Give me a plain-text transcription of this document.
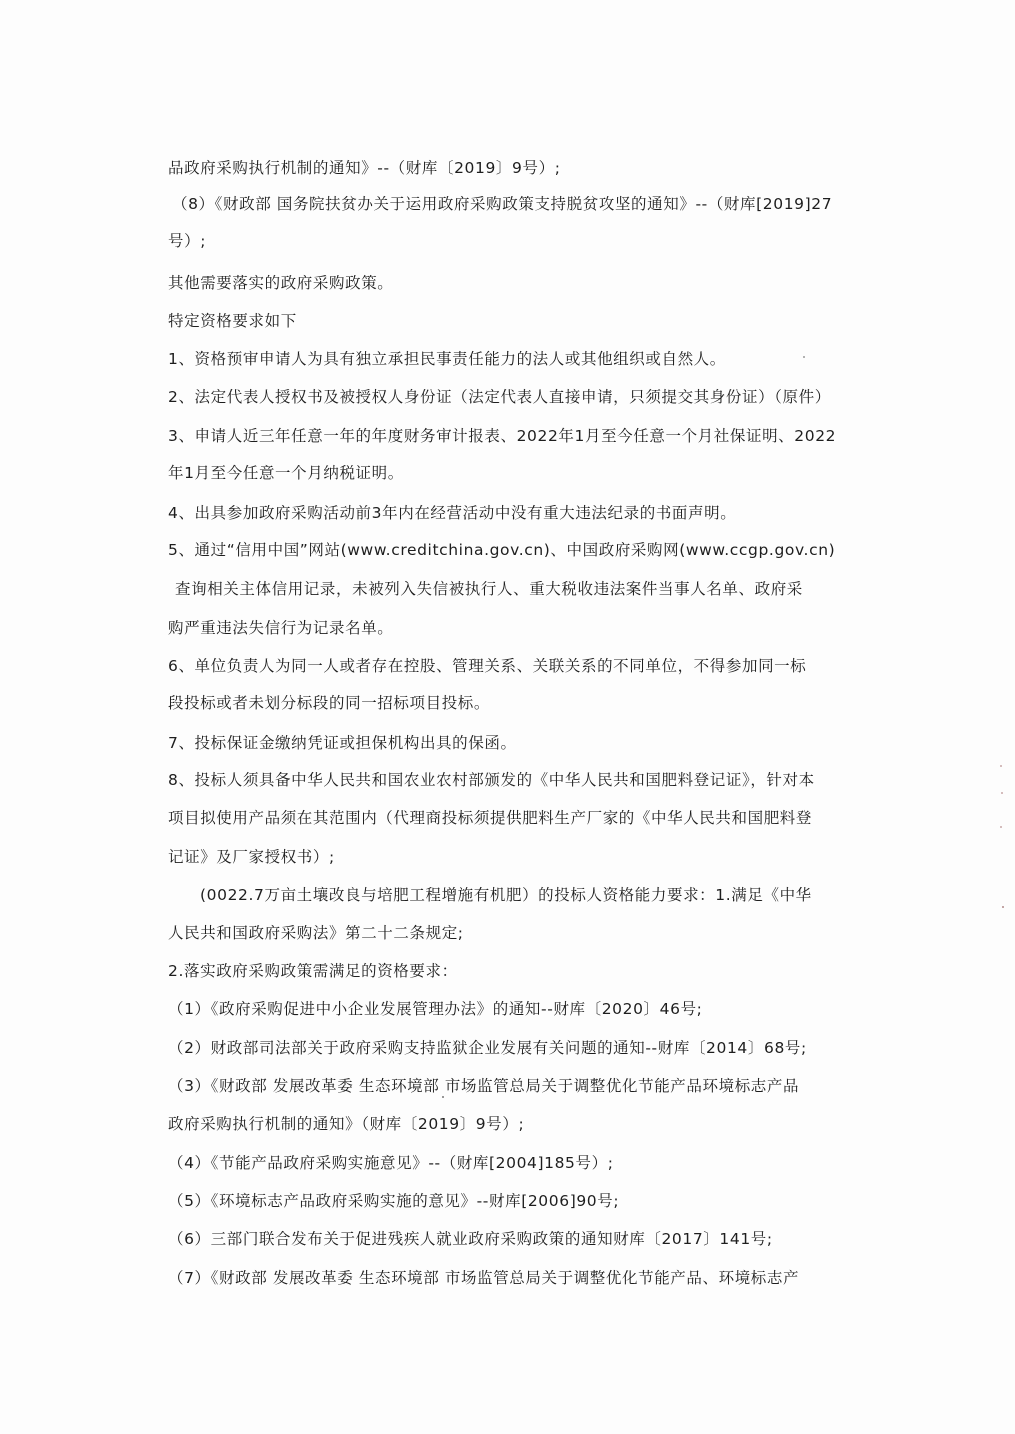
品政府采购执行机制的通知》--（财库〔2019〕9号）;
（8）《财政部 国务院扶贫办关于运用政府采购政策支持脱贫攻坚的通知》--（财库[2019]27
号）;
其他需要落实的政府采购政策。
特定资格要求如下
1、资格预审申请人为具有独立承担民事责任能力的法人或其他组织或自然人。
2、法定代表人授权书及被授权人身份证（法定代表人直接申请，只须提交其身份证）（原件）
3、申请人近三年任意一年的年度财务审计报表、2022年1月至今任意一个月社保证明、2022
年1月至今任意一个月纳税证明。
4、出具参加政府采购活动前3年内在经营活动中没有重大违法纪录的书面声明。
5、通过“信用中国”网站(www.creditchina.gov.cn)、中国政府采购网(www.ccgp.gov.cn)
查询相关主体信用记录，未被列入失信被执行人、重大税收违法案件当事人名单、政府采
购严重违法失信行为记录名单。
6、单位负责人为同一人或者存在控股、管理关系、关联关系的不同单位，不得参加同一标
段投标或者未划分标段的同一招标项目投标。
7、投标保证金缴纳凭证或担保机构出具的保函。
8、投标人须具备中华人民共和国农业农村部颁发的《中华人民共和国肥料登记证》，针对本
项目拟使用产品须在其范围内（代理商投标须提供肥料生产厂家的《中华人民共和国肥料登
记证》及厂家授权书）;
(0022.7万亩土壤改良与培肥工程增施有机肥）的投标人资格能力要求：1.满足《中华
人民共和国政府采购法》第二十二条规定;
2.落实政府采购政策需满足的资格要求：
（1）《政府采购促进中小企业发展管理办法》的通知--财库〔2020〕46号;
（2）财政部司法部关于政府采购支持监狱企业发展有关问题的通知--财库〔2014〕68号;
（3）《财政部 发展改革委 生态环境部 市场监管总局关于调整优化节能产品环境标志产品
政府采购执行机制的通知》（财库〔2019〕9号）;
（4）《节能产品政府采购实施意见》--（财库[2004]185号）;
（5）《环境标志产品政府采购实施的意见》--财库[2006]90号;
（6）三部门联合发布关于促进残疾人就业政府采购政策的通知财库〔2017〕141号;
（7）《财政部 发展改革委 生态环境部 市场监管总局关于调整优化节能产品、环境标志产
